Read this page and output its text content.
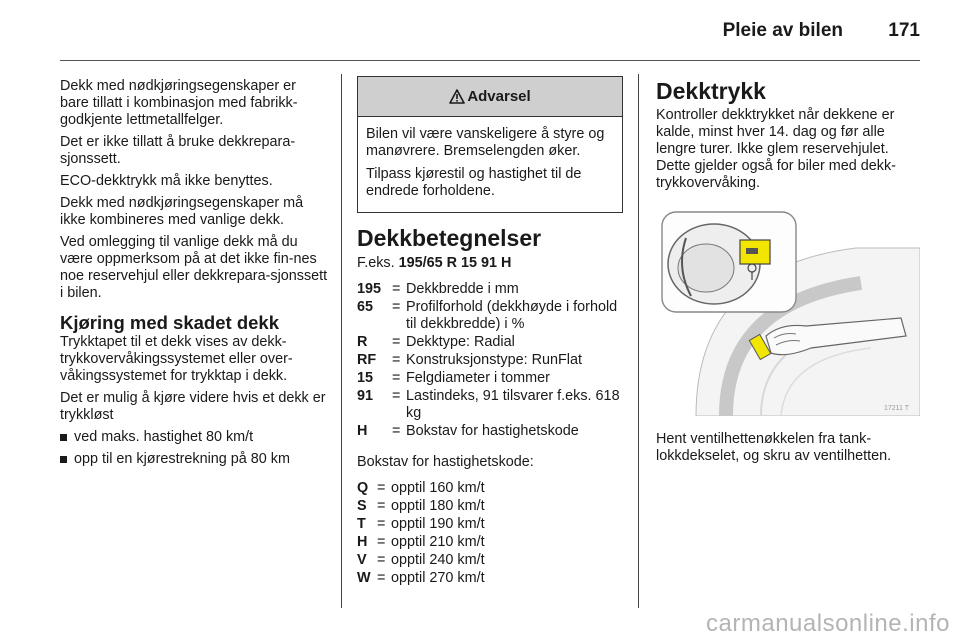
Pleie av bilen 171

Dekk med nødkjøringsegenskaper er bare tillatt i kombinasjon med fabrikk-godkjente lettmetallfelger.

Det er ikke tillatt å bruke dekkrepara-sjonssett.

ECO-dekktrykk må ikke benyttes.

Dekk med nødkjøringsegenskaper må ikke kombineres med vanlige dekk.

Ved omlegging til vanlige dekk må du være oppmerksom på at det ikke fin-nes noe reservehjul eller dekkrepara-sjonssett i bilen.

Kjøring med skadet dekk

Trykktapet til et dekk vises av dekk-trykkovervåkingssystemet eller over-våkingssystemet for trykktap i dekk.

Det er mulig å kjøre videre hvis et dekk er trykkløst

ved maks. hastighet 80 km/t
opp til en kjørestrekning på 80 km
Advarsel

Bilen vil være vanskeligere å styre og manøvrere. Bremselengden øker.

Tilpass kjørestil og hastighet til de endrede forholdene.

Dekkbetegnelser
F.eks. 195/65 R 15 91 H
195 = Dekkbredde i mm
65	= Profilforhold (dekkhøyde i forhold til dekkbredde) i %
R	= Dekktype: Radial
RF	= Konstruksjonstype: RunFlat
15	= Felgdiameter i tommer
91	= Lastindeks, 91 tilsvarer f.eks. 618 kg
H	= Bokstav for hastighetskode

Bokstav for hastighetskode:

Q = opptil 160 km/t
S = opptil 180 km/t
T = opptil 190 km/t
H = opptil 210 km/t
V = opptil 240 km/t
W = opptil 270 km/t
Dekktrykk

Kontroller dekktrykket når dekkene er kalde, minst hver 14. dag og før alle lengre turer. Ikke glem reservehjulet. Dette gjelder også for biler med dekk-trykkovervåking.

17211 T

Hent ventilhettenøkkelen fra tank-lokkdekselet, og skru av ventilhetten.

carmanualsonline.info
